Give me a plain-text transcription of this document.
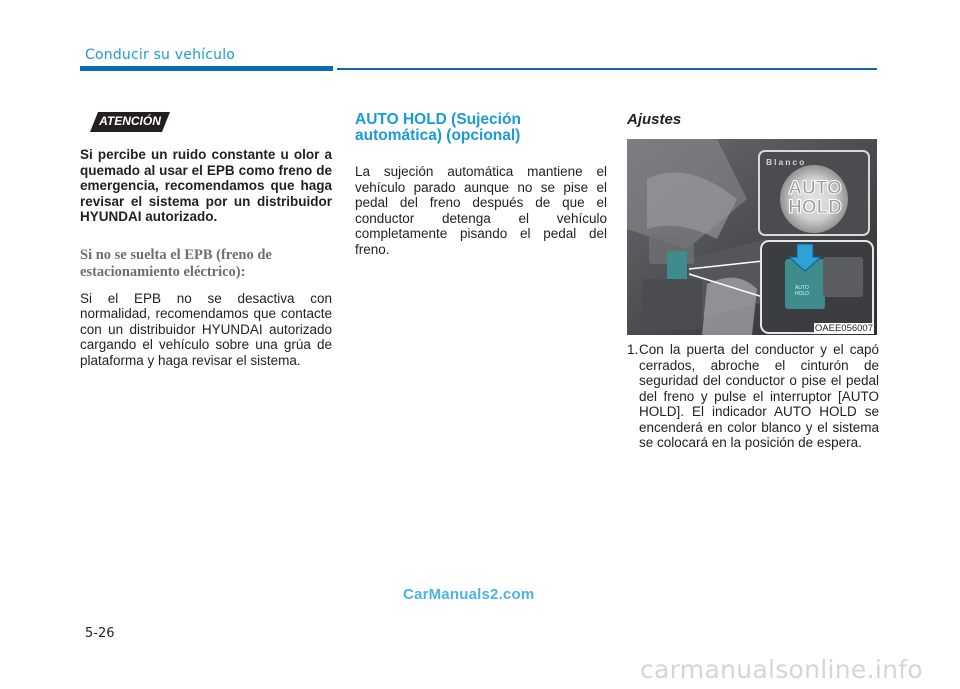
Conducir su vehículo
ATENCIÓN

Si percibe un ruido constante u olor a quemado al usar el EPB como freno de emergencia, recomendamos que haga revisar el sistema por un distribuidor HYUNDAI autorizado.

Si no se suelta el EPB (freno de estacionamiento eléctrico):

Si el EPB no se desactiva con normalidad, recomendamos que contacte con un distribuidor HYUNDAI autorizado cargando el vehículo sobre una grúa de plataforma y haga revisar el sistema.

AUTO HOLD (Sujeción automática) (opcional)

La sujeción automática mantiene el vehículo parado aunque no se pise el pedal del freno después de que el conductor detenga el vehículo completamente pisando el pedal del freno.

Ajustes

AUTO
HOLD
Blanco
AUTO HOLD
OAEE056007
1. Con la puerta del conductor y el capó cerrados, abroche el cinturón de seguridad del conductor o pise el pedal del freno y pulse el interruptor [AUTO HOLD]. El indicador AUTO HOLD se encenderá en color blanco y el sistema se colocará en la posición de espera.
CarManuals2.com
5-26
carmanualsonline.info
